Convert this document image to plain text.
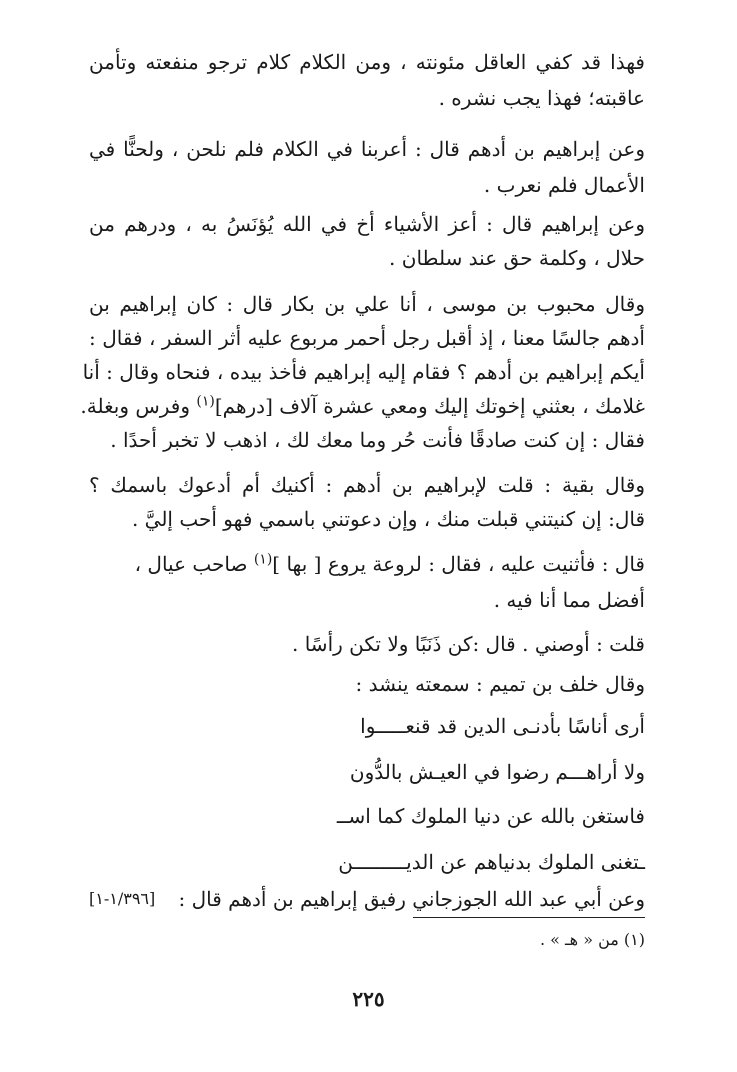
فهذا قد كفي العاقل مئونته ، ومن الكلام كلام ترجو منفعته وتأمن
عاقبته؛ فهذا يجب نشره .
وعن إبراهيم بن أدهم قال : أعربنا في الكلام فلم نلحن ، ولحنًّا في
الأعمال فلم نعرب .
وعن إبراهيم قال : أعز الأشياء أخ في الله يُؤنَسُ به ، ودرهم من
حلال ، وكلمة حق عند سلطان .
وقال محبوب بن موسى ، أنا علي بن بكار قال : كان إبراهيم بن
أدهم جالسًا معنا ، إذ أقبل رجل أحمر مربوع عليه أثر السفر ، فقال :
أيكم إبراهيم بن أدهم ؟ فقام إليه إبراهيم فأخذ بيده ، فنحاه وقال : أنا
غلامك ، بعثني إخوتك إليك ومعي عشرة آلاف [درهم]$^{(١)}$ وفرس وبغلة.
فقال : إن كنت صادقًا فأنت حُر وما معك لك ، اذهب لا تخبر أحدًا .
وقال بقية : قلت لإبراهيم بن أدهم : أكنيك أم أدعوك باسمك ؟
قال: إن كنيتني قبلت منك ، وإن دعوتني باسمي فهو أحب إليَّ .
قال : فأثنيت عليه ، فقال : لروعة يروع [ بها ]$^{(١)}$ صاحب عيال ،
أفضل مما أنا فيه .
قلت : أوصني . قال :كن ذَنَبًا ولا تكن رأسًا .
وقال خلف بن تميم : سمعته ينشد :
أرى أناسًا بأدنـى الدين قد قنعـــــوا
ولا أراهـــم رضوا في العيـش بالدُّون
فاستغن بالله عن دنيا الملوك كما اســ
ـتغنى الملوك بدنياهم عن الديـــــــــن
وعن أبي عبد الله الجوزجاني رفيق إبراهيم بن أدهم قال :
[١/٣٩٦-١]
(١) من « هـ » .
٢٢٥
